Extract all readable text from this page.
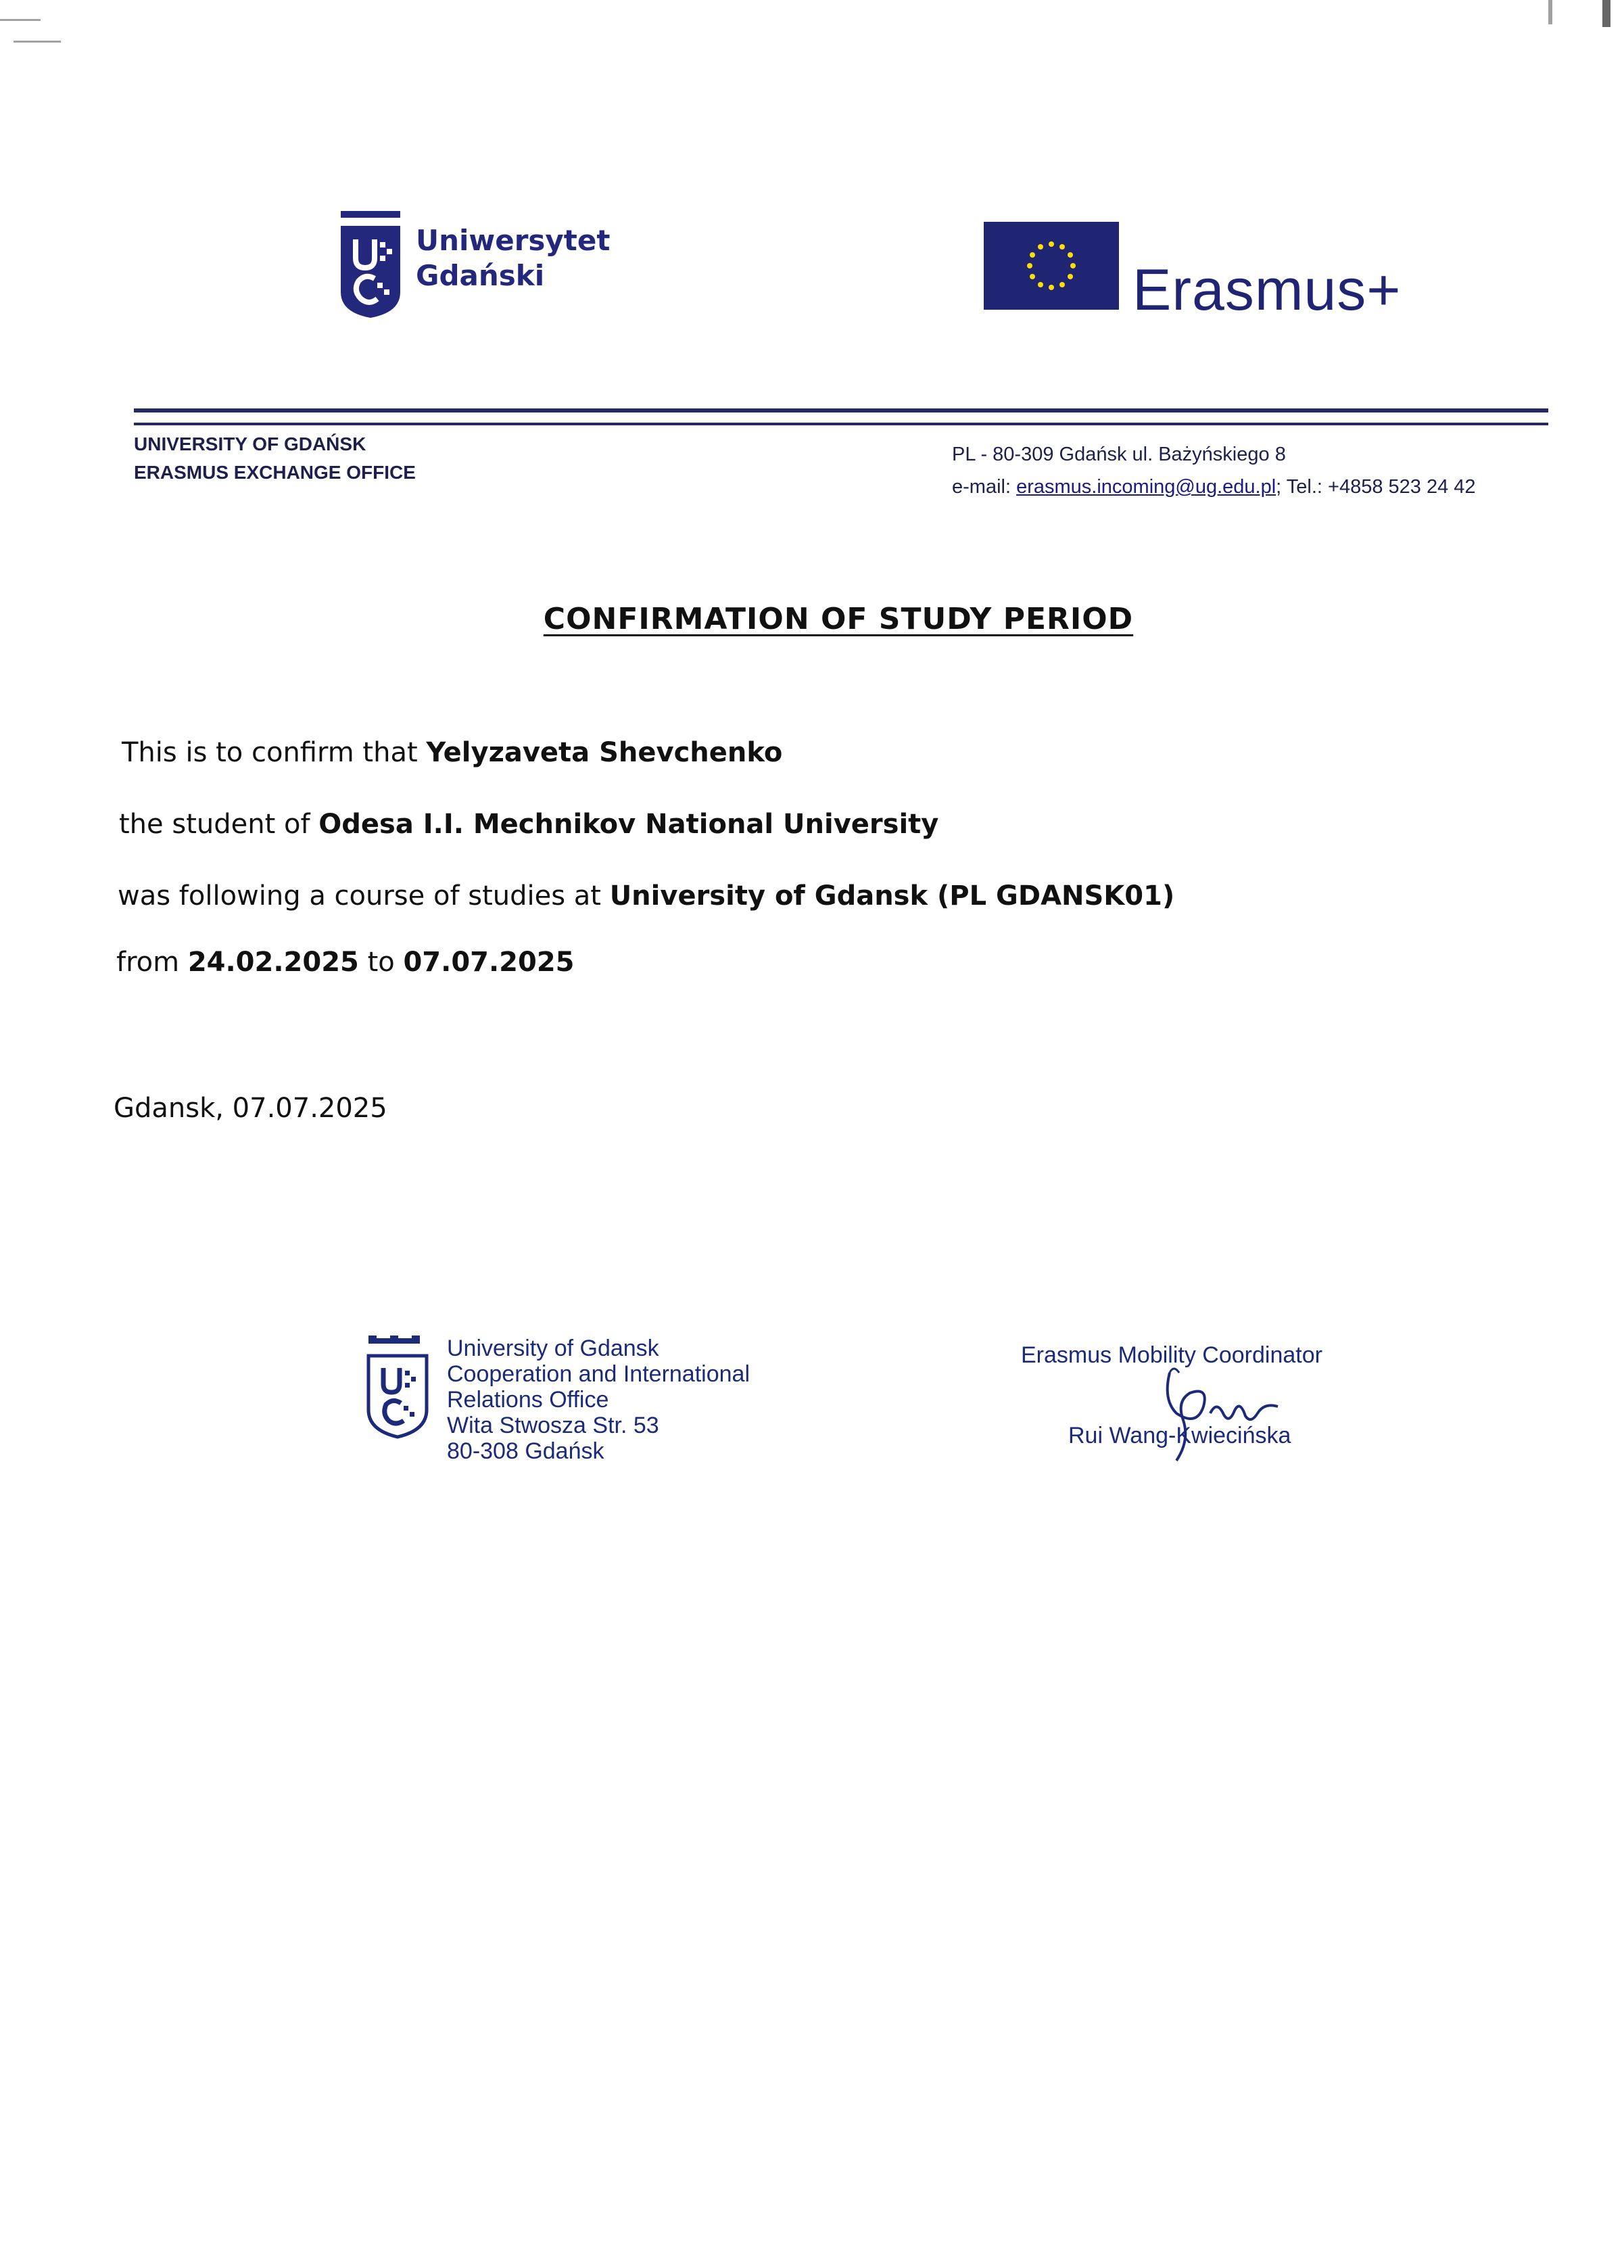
Uniwersytet
Gdański	Erasmus+
UNIVERSITY OF GDAŃSK
ERASMUS EXCHANGE OFFICE
PL - 80-309 Gdańsk ul. Bażyńskiego 8
e-mail: erasmus.incoming@ug.edu.pl; Tel.: +4858 523 24 42
CONFIRMATION OF STUDY PERIOD
This is to confirm that Yelyzaveta Shevchenko
the student of Odesa I.I. Mechnikov National University
was following a course of studies at University of Gdansk (PL GDANSK01)
from 24.02.2025 to 07.07.2025
Gdansk, 07.07.2025
University of Gdansk
Cooperation and International
Relations Office
Wita Stwosza Str. 53
80-308 Gdańsk
Erasmus Mobility Coordinator
Rui Wang-Kwiecińska
